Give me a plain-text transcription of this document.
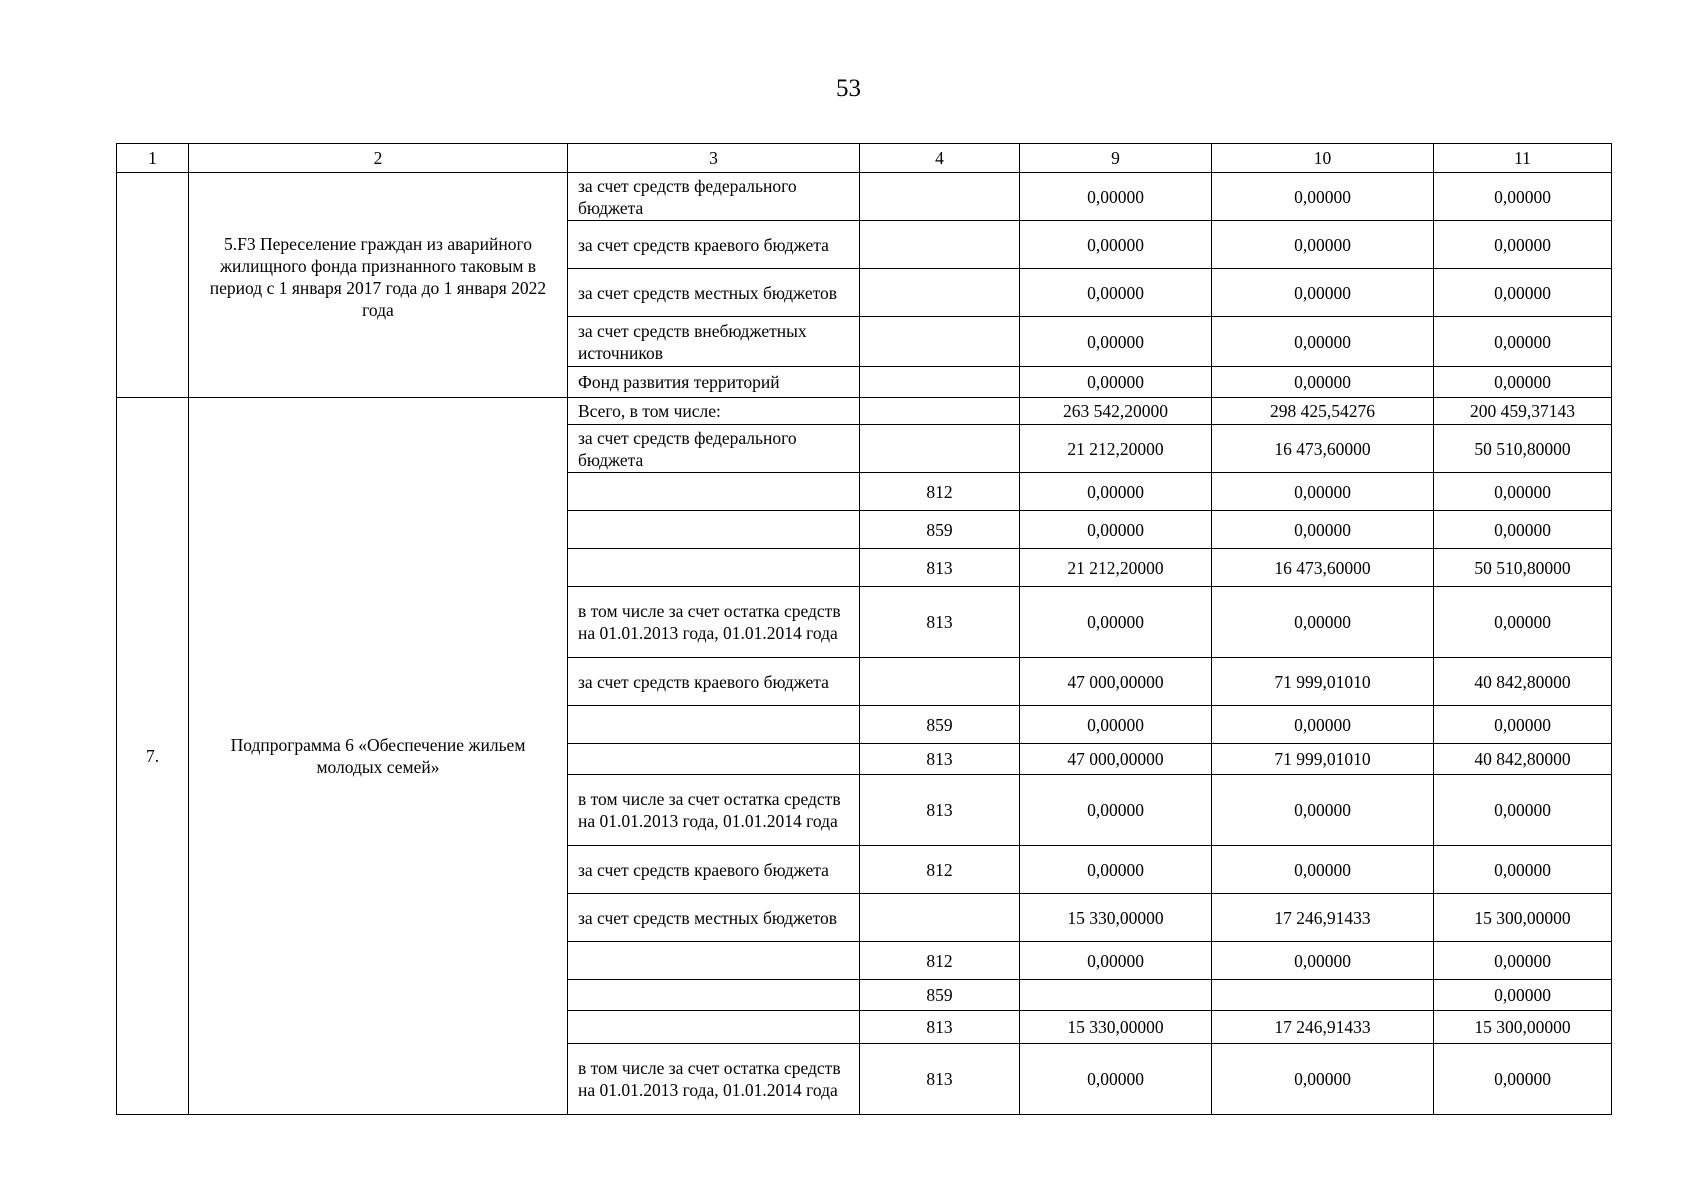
53
1	2	3	4	9	10	11
	5.F3 Переселение граждан из аварийного жилищного фонда признанного таковым в период с 1 января 2017 года до 1 января 2022 года	за счет средств федерального бюджета		0,00000	0,00000	0,00000
		за счет средств краевого бюджета		0,00000	0,00000	0,00000
		за счет средств местных бюджетов		0,00000	0,00000	0,00000
		за счет средств внебюджетных источников		0,00000	0,00000	0,00000
		Фонд развития территорий		0,00000	0,00000	0,00000
7.	Подпрограмма 6 «Обеспечение жильем молодых семей»	Всего, в том числе:		263 542,20000	298 425,54276	200 459,37143
		за счет средств федерального бюджета		21 212,20000	16 473,60000	50 510,80000
			812	0,00000	0,00000	0,00000
			859	0,00000	0,00000	0,00000
			813	21 212,20000	16 473,60000	50 510,80000
		в том числе за счет остатка средств на 01.01.2013 года, 01.01.2014 года	813	0,00000	0,00000	0,00000
		за счет средств краевого бюджета		47 000,00000	71 999,01010	40 842,80000
			859	0,00000	0,00000	0,00000
			813	47 000,00000	71 999,01010	40 842,80000
		в том числе за счет остатка средств на 01.01.2013 года, 01.01.2014 года	813	0,00000	0,00000	0,00000
		за счет средств краевого бюджета	812	0,00000	0,00000	0,00000
		за счет средств местных бюджетов		15 330,00000	17 246,91433	15 300,00000
			812	0,00000	0,00000	0,00000
			859			0,00000
			813	15 330,00000	17 246,91433	15 300,00000
		в том числе за счет остатка средств на 01.01.2013 года, 01.01.2014 года	813	0,00000	0,00000	0,00000
